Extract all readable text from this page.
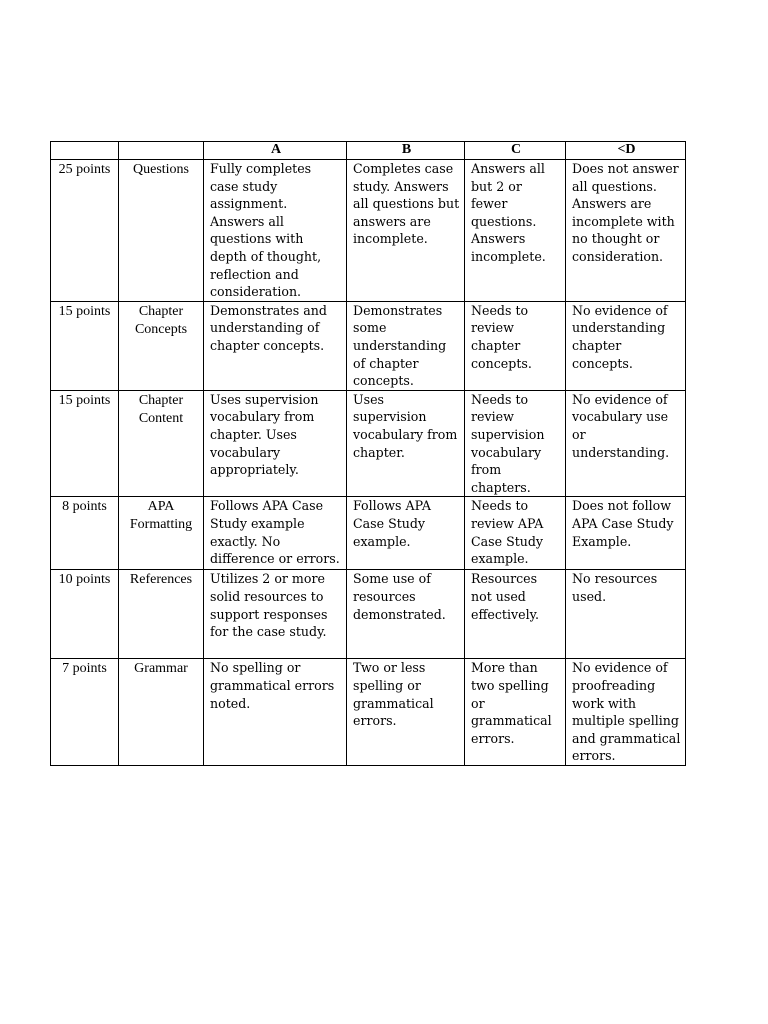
		A	B	C	<D
25 points	Questions	Fully completes case study assignment. Answers all questions with depth of thought, reflection and consideration.	Completes case study. Answers all questions but answers are incomplete.	Answers all but 2 or fewer questions. Answers incomplete.	Does not answer all questions. Answers are incomplete with no thought or consideration.
15 points	Chapter Concepts	Demonstrates and understanding of chapter concepts.	Demonstrates some understanding of chapter concepts.	Needs to review chapter concepts.	No evidence of understanding chapter concepts.
15 points	Chapter Content	Uses supervision vocabulary from chapter. Uses vocabulary appropriately.	Uses supervision vocabulary from chapter.	Needs to review supervision vocabulary from chapters.	No evidence of vocabulary use or understanding.
8 points	APA Formatting	Follows APA Case Study example exactly. No difference or errors.	Follows APA Case Study example.	Needs to review APA Case Study example.	Does not follow APA Case Study Example.
10 points	References	Utilizes 2 or more solid resources to support responses for the case study.	Some use of resources demonstrated.	Resources not used effectively.	No resources used.
7 points	Grammar	No spelling or grammatical errors noted.	Two or less spelling or grammatical errors.	More than two spelling or grammatical errors.	No evidence of proofreading work with multiple spelling and grammatical errors.
